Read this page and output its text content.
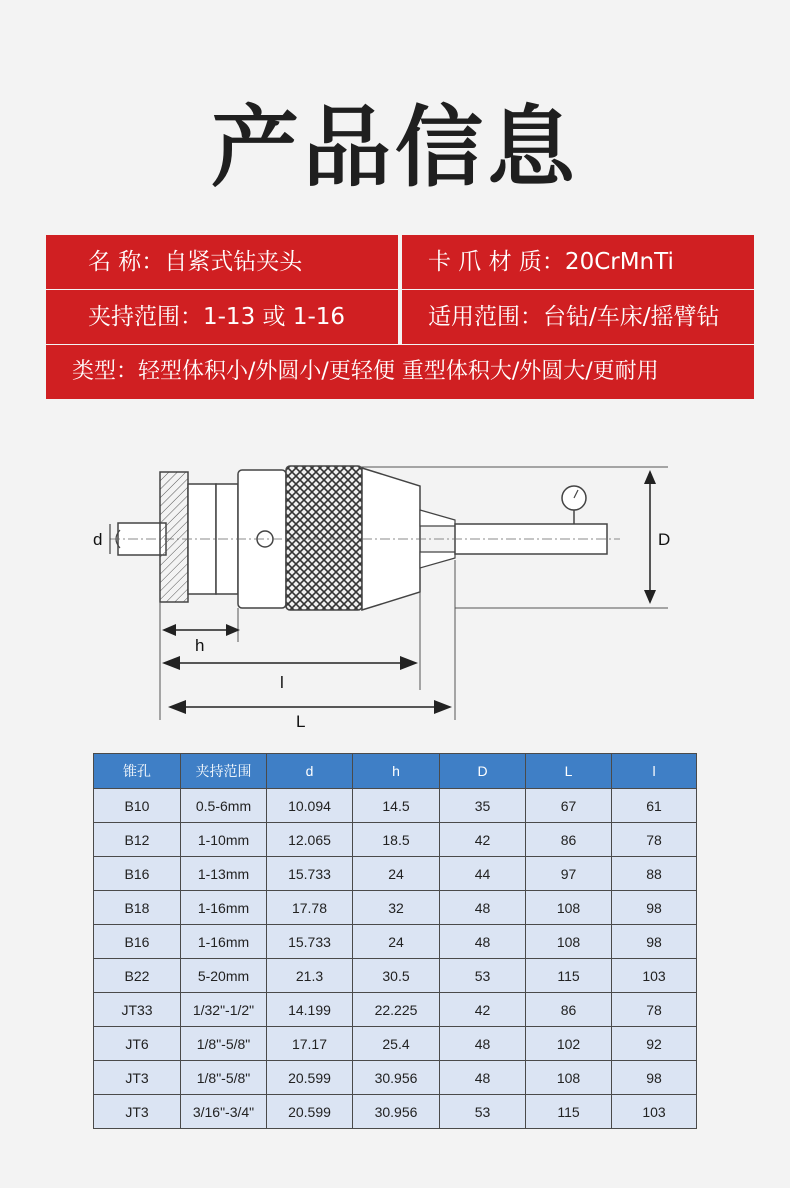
产品信息
名 称：自紧式钻夹头	卡 爪 材 质：20CrMnTi
夹持范围：1-13 或 1-16	适用范围：台钻/车床/摇臂钻
类型：轻型体积小/外圆小/更轻便 重型体积大/外圆大/更耐用
d	D
h
l
L
锥孔	夹持范围	d	h	D	L	l
B10	0.5-6mm	10.094	14.5	35	67	61
B12	1-10mm	12.065	18.5	42	86	78
B16	1-13mm	15.733	24	44	97	88
B18	1-16mm	17.78	32	48	108	98
B16	1-16mm	15.733	24	48	108	98
B22	5-20mm	21.3	30.5	53	115	103
JT33	1/32"-1/2"	14.199	22.225	42	86	78
JT6	1/8"-5/8"	17.17	25.4	48	102	92
JT3	1/8"-5/8"	20.599	30.956	48	108	98
JT3	3/16"-3/4"	20.599	30.956	53	115	103
